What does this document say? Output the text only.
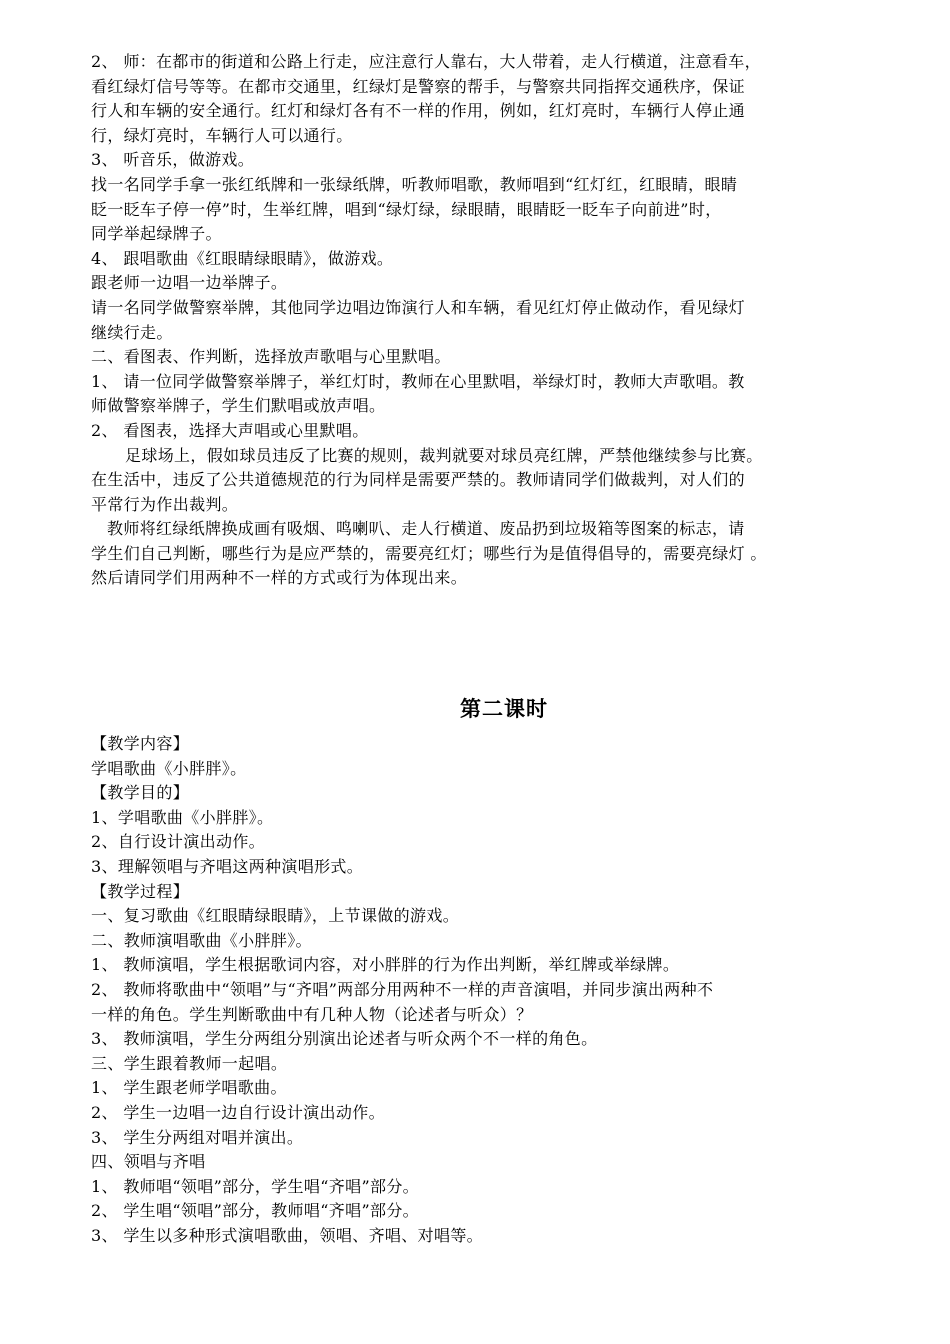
2、 师：在都市的街道和公路上行走，应注意行人靠右，大人带着，走人行横道，注意看车，
看红绿灯信号等等。在都市交通里，红绿灯是警察的帮手，与警察共同指挥交通秩序，保证
行人和车辆的安全通行。红灯和绿灯各有不一样的作用，例如，红灯亮时，车辆行人停止通
行，绿灯亮时，车辆行人可以通行。
3、 听音乐，做游戏。
找一名同学手拿一张红纸牌和一张绿纸牌，听教师唱歌，教师唱到“红灯红，红眼睛，眼睛
眨一眨车子停一停”时，生举红牌，唱到“绿灯绿，绿眼睛，眼睛眨一眨车子向前进”时，
同学举起绿牌子。
4、 跟唱歌曲《红眼睛绿眼睛》，做游戏。
跟老师一边唱一边举牌子。
请一名同学做警察举牌，其他同学边唱边饰演行人和车辆，看见红灯停止做动作，看见绿灯
继续行走。
二、看图表、作判断，选择放声歌唱与心里默唱。
1、 请一位同学做警察举牌子，举红灯时，教师在心里默唱，举绿灯时，教师大声歌唱。教
师做警察举牌子，学生们默唱或放声唱。
2、 看图表，选择大声唱或心里默唱。
足球场上，假如球员违反了比赛的规则，裁判就要对球员亮红牌，严禁他继续参与比赛。
在生活中，违反了公共道德规范的行为同样是需要严禁的。教师请同学们做裁判，对人们的
平常行为作出裁判。
教师将红绿纸牌换成画有吸烟、鸣喇叭、走人行横道、废品扔到垃圾箱等图案的标志，请
学生们自己判断，哪些行为是应严禁的，需要亮红灯；哪些行为是值得倡导的，需要亮绿灯 。
然后请同学们用两种不一样的方式或行为体现出来。
第二课时
【教学内容】
学唱歌曲《小胖胖》。
【教学目的】
1、学唱歌曲《小胖胖》。
2、自行设计演出动作。
3、理解领唱与齐唱这两种演唱形式。
【教学过程】
一、复习歌曲《红眼睛绿眼睛》，上节课做的游戏。
二、教师演唱歌曲《小胖胖》。
1、 教师演唱，学生根据歌词内容，对小胖胖的行为作出判断，举红牌或举绿牌。
2、 教师将歌曲中“领唱”与“齐唱”两部分用两种不一样的声音演唱，并同步演出两种不
一样的角色。学生判断歌曲中有几种人物（论述者与听众）？
3、 教师演唱，学生分两组分别演出论述者与听众两个不一样的角色。
三、学生跟着教师一起唱。
1、 学生跟老师学唱歌曲。
2、 学生一边唱一边自行设计演出动作。
3、 学生分两组对唱并演出。
四、领唱与齐唱
1、 教师唱“领唱”部分，学生唱“齐唱”部分。
2、 学生唱“领唱”部分，教师唱“齐唱”部分。
3、 学生以多种形式演唱歌曲，领唱、齐唱、对唱等。
